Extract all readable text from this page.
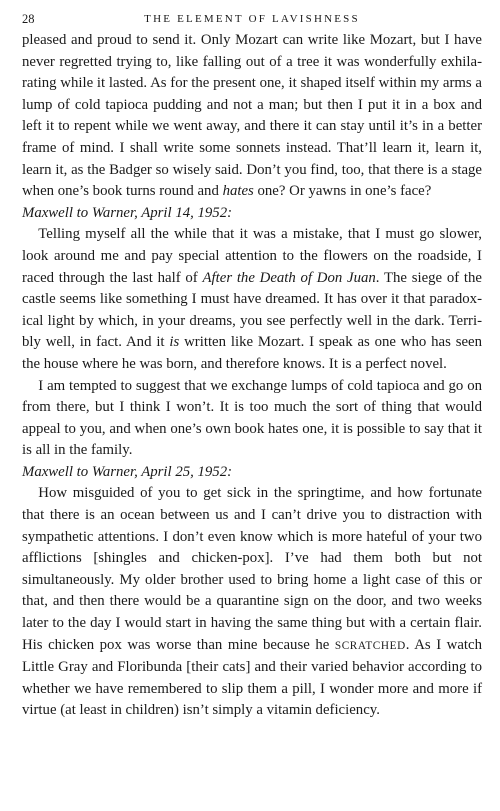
28	THE ELEMENT OF LAVISHNESS

pleased and proud to send it. Only Mozart can write like Mozart, but I have never regretted trying to, like falling out of a tree it was wonderfully exhilarating while it lasted. As for the present one, it shaped itself within my arms a lump of cold tapioca pudding and not a man; but then I put it in a box and left it to repent while we went away, and there it can stay until it’s in a better frame of mind. I shall write some sonnets instead. That’ll learn it, learn it, learn it, as the Badger so wisely said. Don’t you find, too, that there is a stage when one’s book turns round and hates one? Or yawns in one’s face?

Maxwell to Warner, April 14, 1952:

Telling myself all the while that it was a mistake, that I must go slower, look around me and pay special attention to the flowers on the roadside, I raced through the last half of After the Death of Don Juan. The siege of the castle seems like something I must have dreamed. It has over it that paradoxical light by which, in your dreams, you see perfectly well in the dark. Terribly well, in fact. And it is written like Mozart. I speak as one who has seen the house where he was born, and therefore knows. It is a perfect novel.

I am tempted to suggest that we exchange lumps of cold tapioca and go on from there, but I think I won’t. It is too much the sort of thing that would appeal to you, and when one’s own book hates one, it is possible to say that it is all in the family.

Maxwell to Warner, April 25, 1952:

How misguided of you to get sick in the springtime, and how fortunate that there is an ocean between us and I can’t drive you to distraction with sympathetic attentions. I don’t even know which is more hateful of your two afflictions [shingles and chicken-pox]. I’ve had them both but not simultaneously. My older brother used to bring home a light case of this or that, and then there would be a quarantine sign on the door, and two weeks later to the day I would start in having the same thing but with a certain flair. His chicken pox was worse than mine because he SCRATCHED. As I watch Little Gray and Floribunda [their cats] and their varied behavior according to whether we have remembered to slip them a pill, I wonder more and more if virtue (at least in children) isn’t simply a vitamin deficiency.
